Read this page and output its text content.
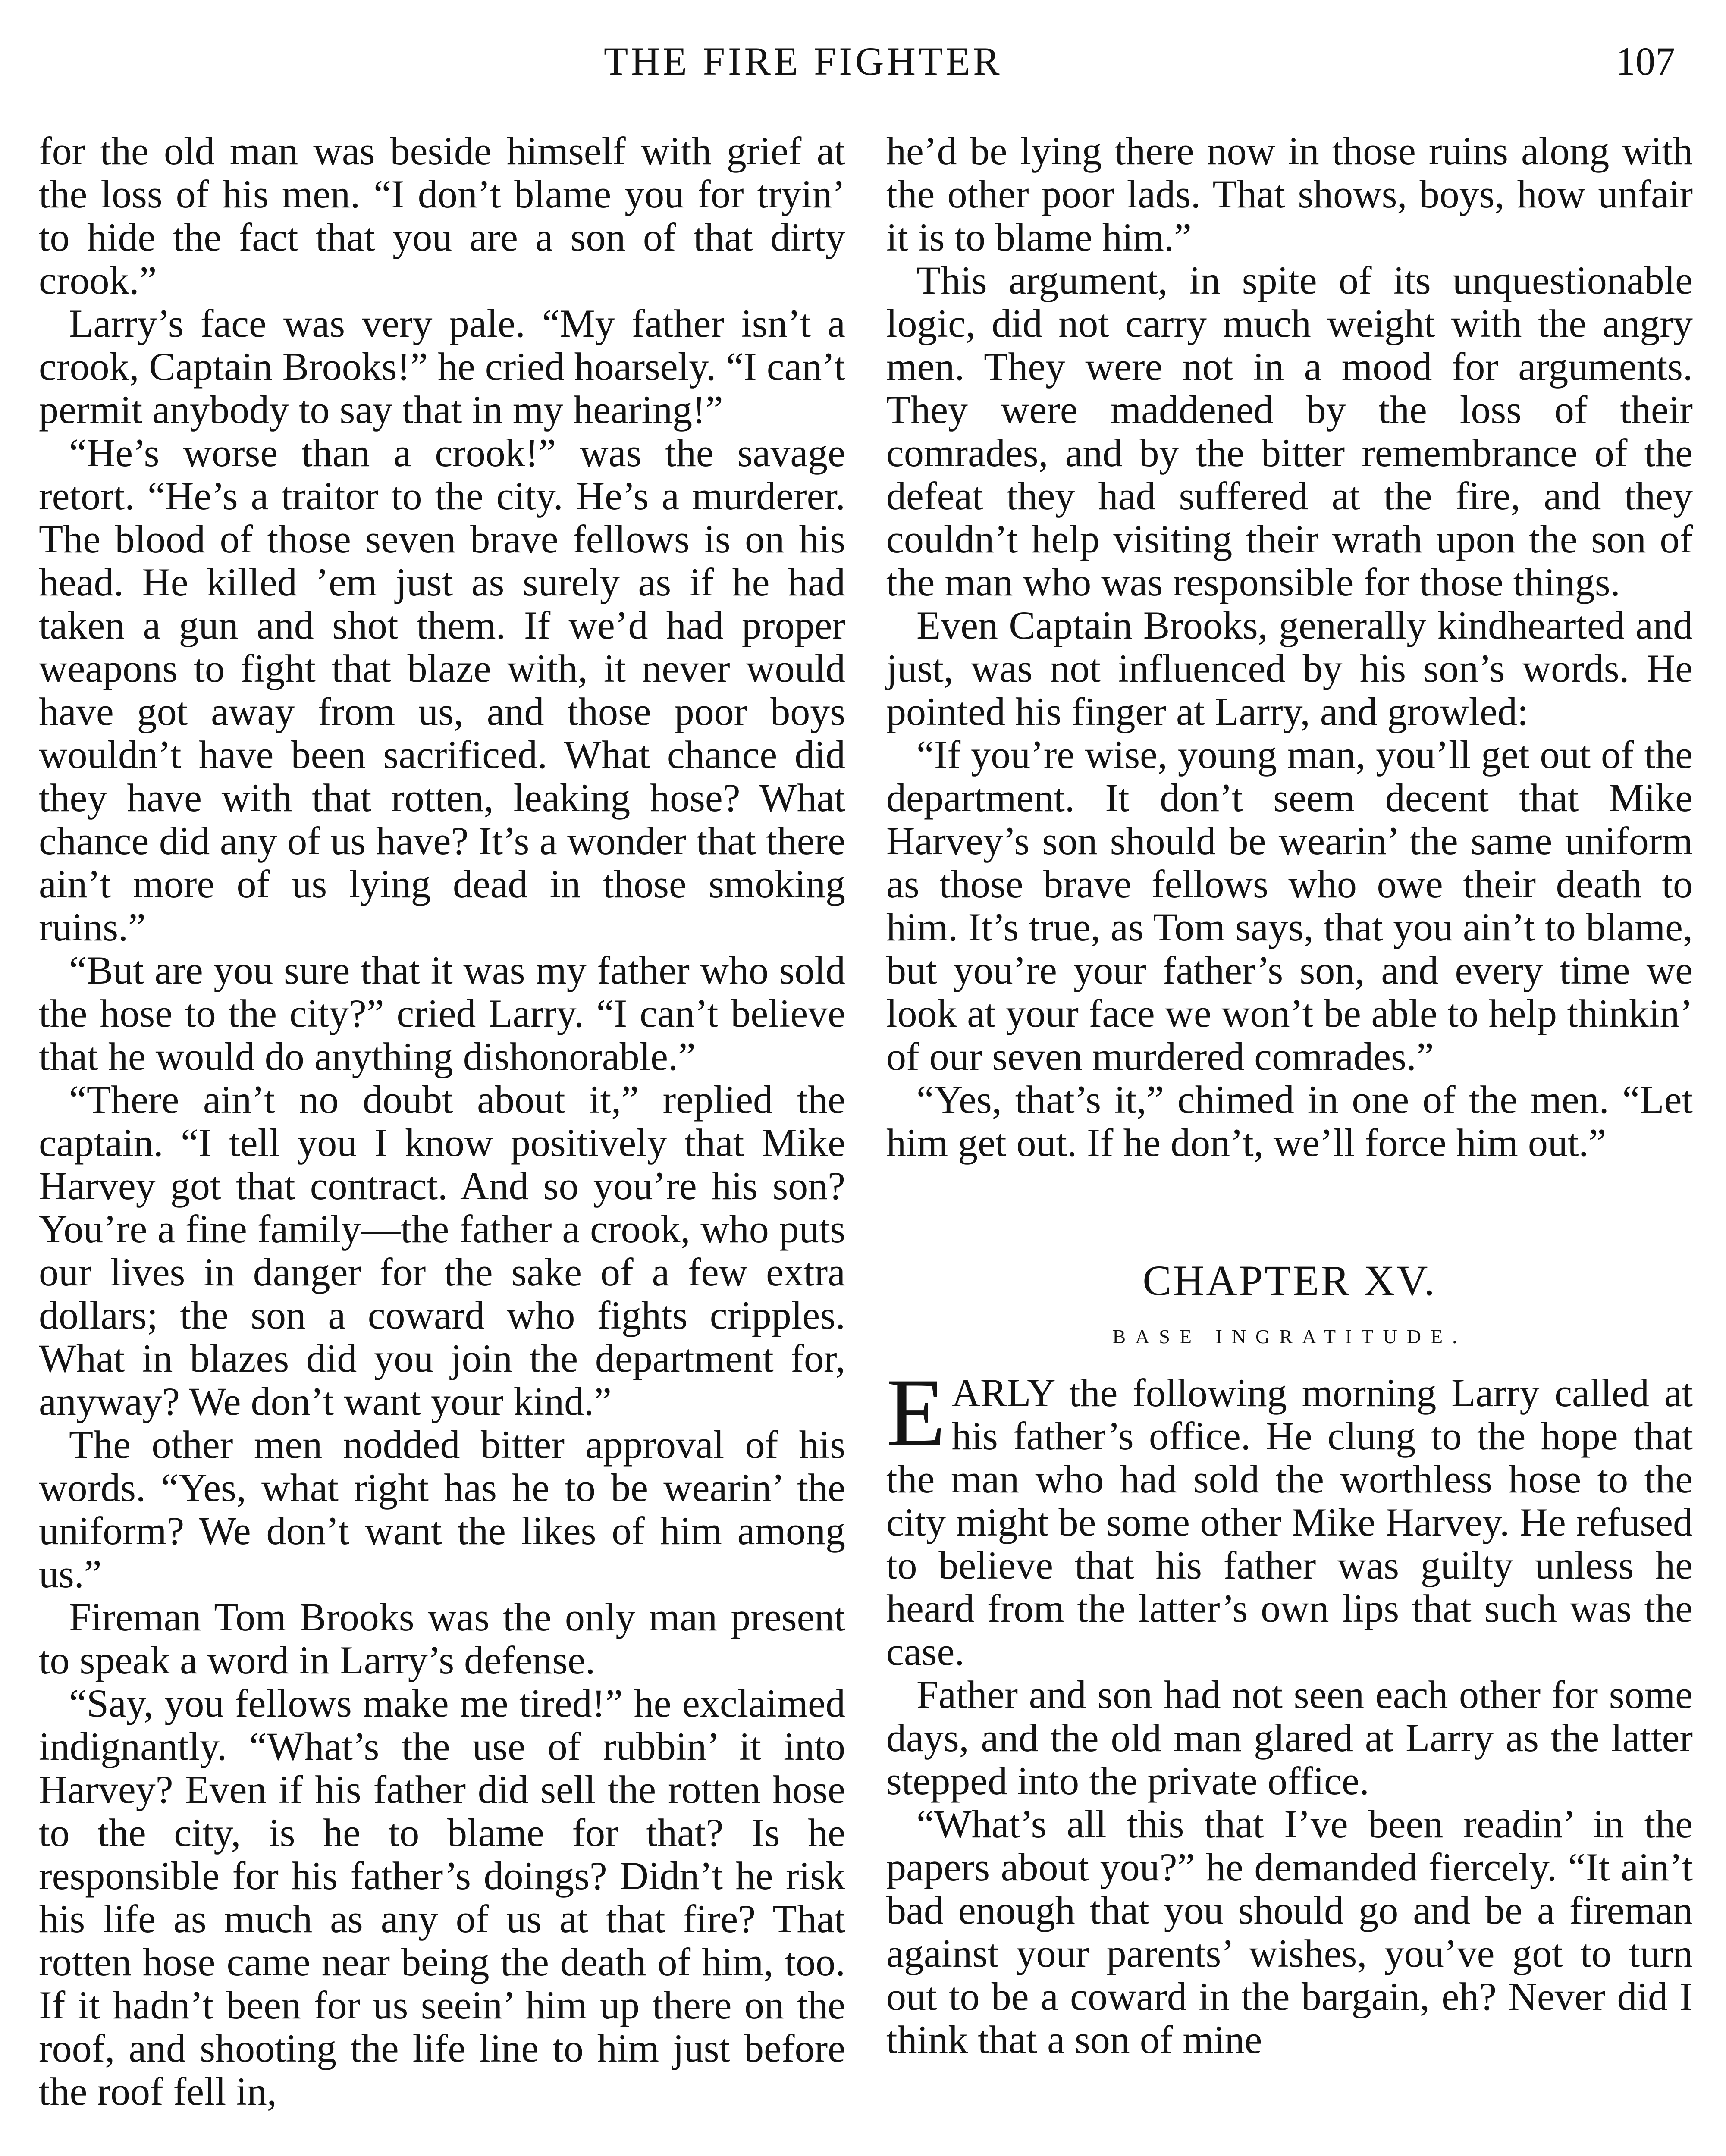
THE FIRE FIGHTER	107

for the old man was beside himself with grief at the loss of his men. “I don’t blame you for tryin’ to hide the fact that you are a son of that dirty crook.”

Larry’s face was very pale. “My father isn’t a crook, Captain Brooks!” he cried hoarsely. “I can’t permit anybody to say that in my hearing!”

“He’s worse than a crook!” was the savage retort. “He’s a traitor to the city. He’s a murderer. The blood of those seven brave fellows is on his head. He killed ’em just as surely as if he had taken a gun and shot them. If we’d had proper weapons to fight that blaze with, it never would have got away from us, and those poor boys wouldn’t have been sacrificed. What chance did they have with that rotten, leaking hose? What chance did any of us have? It’s a wonder that there ain’t more of us lying dead in those smoking ruins.”

“But are you sure that it was my father who sold the hose to the city?” cried Larry. “I can’t believe that he would do anything dishonorable.”

“There ain’t no doubt about it,” replied the captain. “I tell you I know positively that Mike Harvey got that contract. And so you’re his son? You’re a fine family—the father a crook, who puts our lives in danger for the sake of a few extra dollars; the son a coward who fights cripples. What in blazes did you join the department for, anyway? We don’t want your kind.”

The other men nodded bitter approval of his words. “Yes, what right has he to be wearin’ the uniform? We don’t want the likes of him among us.”

Fireman Tom Brooks was the only man present to speak a word in Larry’s defense.

“Say, you fellows make me tired!” he exclaimed indignantly. “What’s the use of rubbin’ it into Harvey? Even if his father did sell the rotten hose to the city, is he to blame for that? Is he responsible for his father’s doings? Didn’t he risk his life as much as any of us at that fire? That rotten hose came near being the death of him, too. If it hadn’t been for us seein’ him up there on the roof, and shooting the life line to him just before the roof fell in,

he’d be lying there now in those ruins along with the other poor lads. That shows, boys, how unfair it is to blame him.”

This argument, in spite of its unquestionable logic, did not carry much weight with the angry men. They were not in a mood for arguments. They were maddened by the loss of their comrades, and by the bitter remembrance of the defeat they had suffered at the fire, and they couldn’t help visiting their wrath upon the son of the man who was responsible for those things.

Even Captain Brooks, generally kindhearted and just, was not influenced by his son’s words. He pointed his finger at Larry, and growled:

“If you’re wise, young man, you’ll get out of the department. It don’t seem decent that Mike Harvey’s son should be wearin’ the same uniform as those brave fellows who owe their death to him. It’s true, as Tom says, that you ain’t to blame, but you’re your father’s son, and every time we look at your face we won’t be able to help thinkin’ of our seven murdered comrades.”

“Yes, that’s it,” chimed in one of the men. “Let him get out. If he don’t, we’ll force him out.”

CHAPTER XV.
BASE INGRATITUDE.

EARLY the following morning Larry called at his father’s office. He clung to the hope that the man who had sold the worthless hose to the city might be some other Mike Harvey. He refused to believe that his father was guilty unless he heard from the latter’s own lips that such was the case.

Father and son had not seen each other for some days, and the old man glared at Larry as the latter stepped into the private office.

“What’s all this that I’ve been readin’ in the papers about you?” he demanded fiercely. “It ain’t bad enough that you should go and be a fireman against your parents’ wishes, you’ve got to turn out to be a coward in the bargain, eh? Never did I think that a son of mine
